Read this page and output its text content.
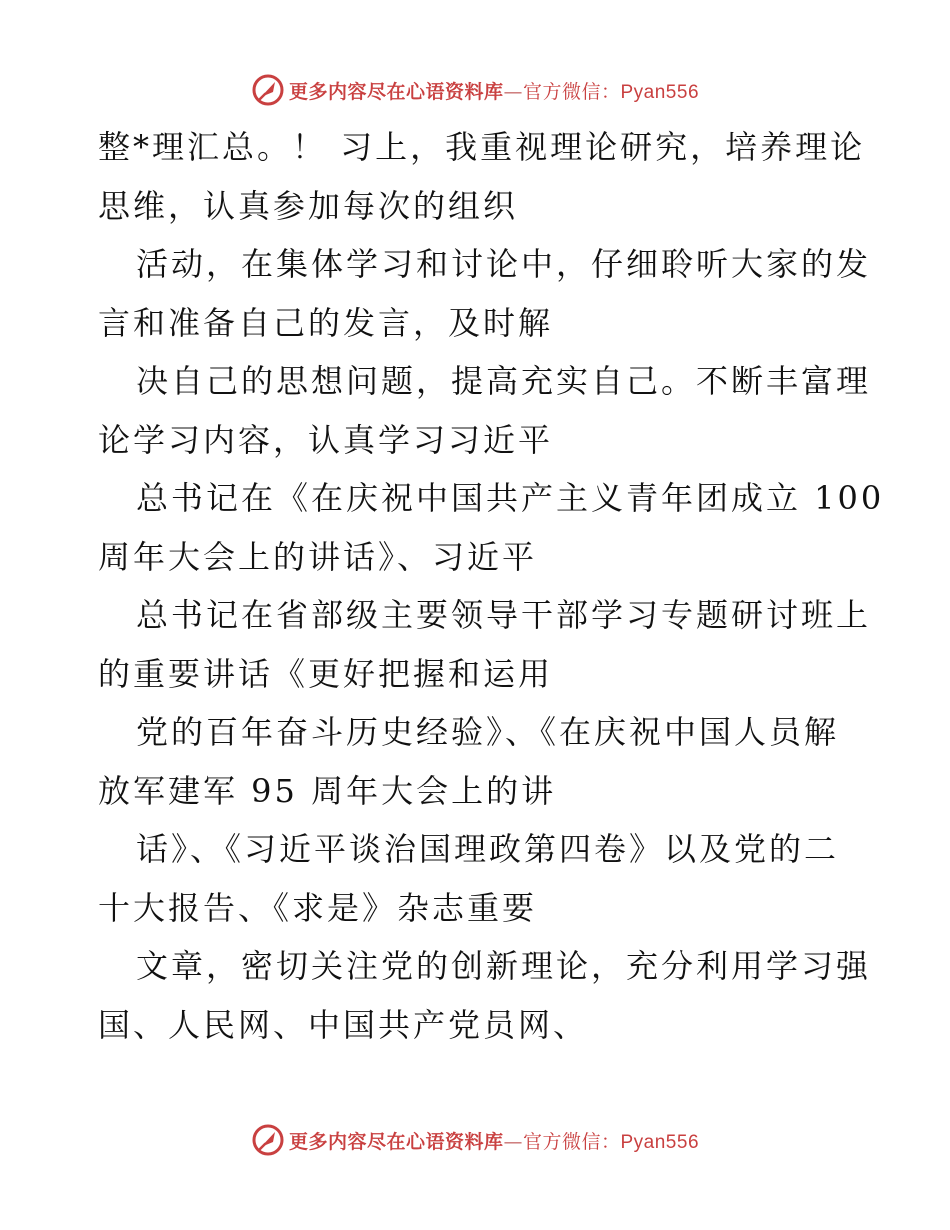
更多内容尽在心语资料库—官方微信：Pyan556
整*理汇总。！ 习上，我重视理论研究，培养理论
思维，认真参加每次的组织
活动，在集体学习和讨论中，仔细聆听大家的发
言和准备自己的发言，及时解
决自己的思想问题，提高充实自己。不断丰富理
论学习内容，认真学习习近平
总书记在《在庆祝中国共产主义青年团成立 100
周年大会上的讲话》、习近平
总书记在省部级主要领导干部学习专题研讨班上
的重要讲话《更好把握和运用
党的百年奋斗历史经验》、《在庆祝中国人员解
放军建军 95 周年大会上的讲
话》、《习近平谈治国理政第四卷》以及党的二
十大报告、《求是》杂志重要
文章，密切关注党的创新理论，充分利用学习强
国、人民网、中国共产党员网、
更多内容尽在心语资料库—官方微信：Pyan556
